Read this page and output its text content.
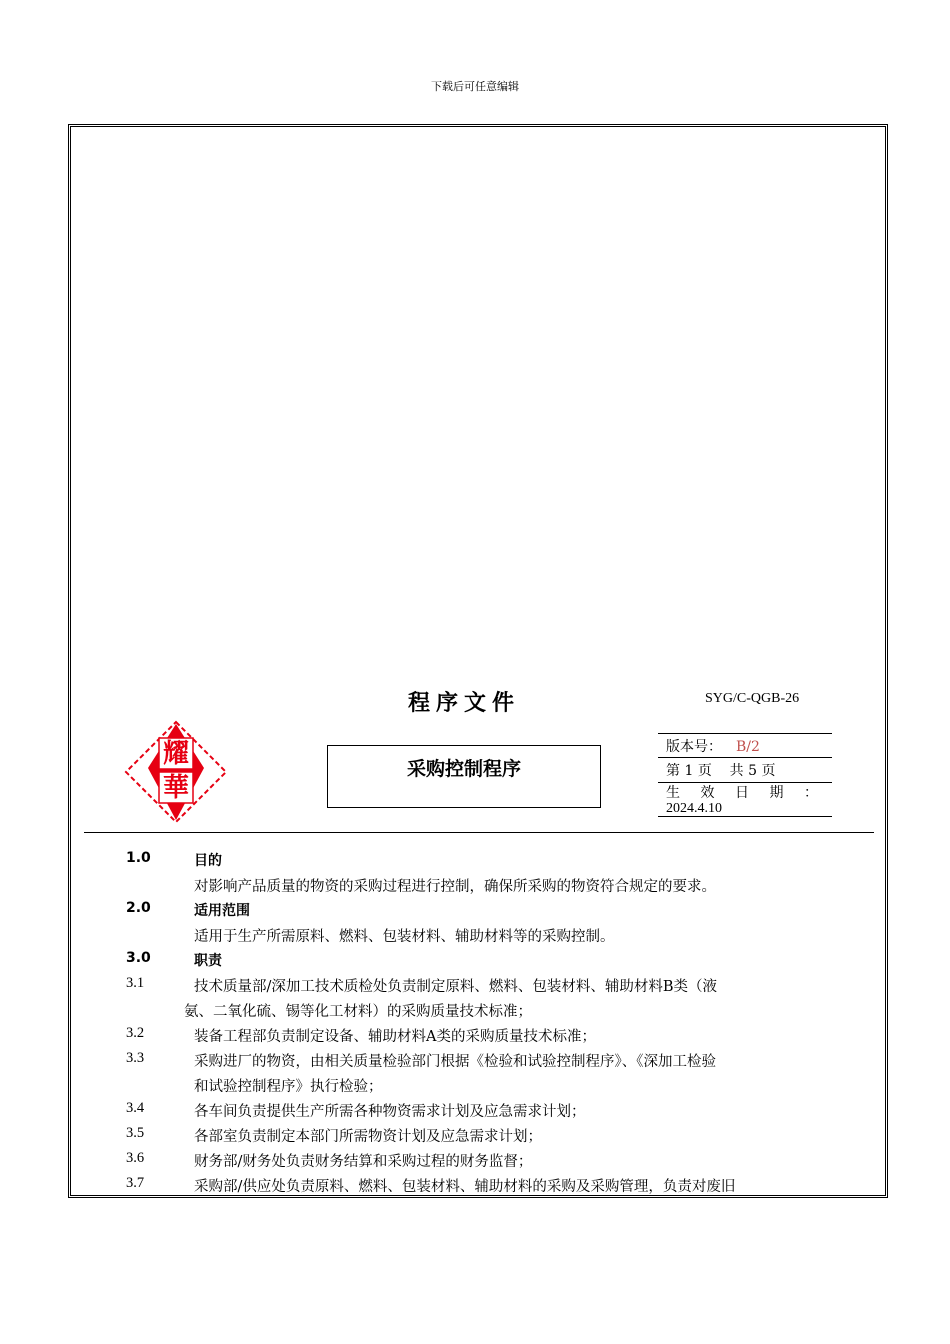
下载后可任意编辑
程序文件	SYG/C-QGB-26
耀
華
采购控制程序
版本号： B/2
第 1 页 共 5 页
生 效 日 期 ：
2024.4.10
1.0	目的
对影响产品质量的物资的采购过程进行控制，确保所采购的物资符合规定的要求。
2.0	适用范围
适用于生产所需原料、燃料、包装材料、辅助材料等的采购控制。
3.0	职责
3.1	技术质量部/深加工技术质检处负责制定原料、燃料、包装材料、辅助材料B类（液
氨、二氧化硫、锡等化工材料）的采购质量技术标准；
3.2	装备工程部负责制定设备、辅助材料A类的采购质量技术标准；
3.3	采购进厂的物资，由相关质量检验部门根据《检验和试验控制程序》、《深加工检验
和试验控制程序》执行检验；
3.4	各车间负责提供生产所需各种物资需求计划及应急需求计划；
3.5	各部室负责制定本部门所需物资计划及应急需求计划；
3.6	财务部/财务处负责财务结算和采购过程的财务监督；
3.7	采购部/供应处负责原料、燃料、包装材料、辅助材料的采购及采购管理，负责对废旧
